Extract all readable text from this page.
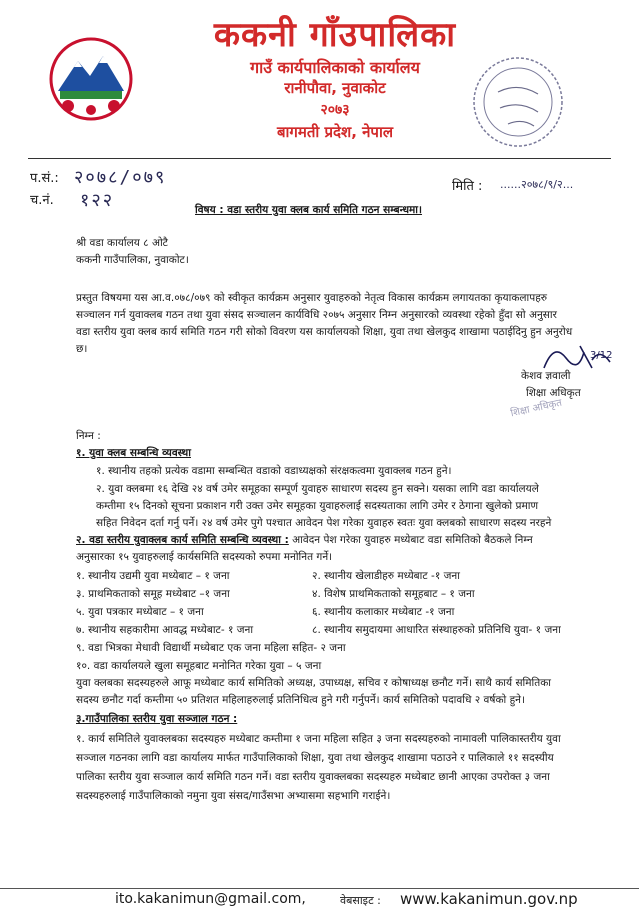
ककनी गाँउपालिका
गाउँ कार्यपालिकाको कार्यालय
रानीपौवा, नुवाकोट
२०७३
बागमती प्रदेश, नेपाल
प.सं.: २०७८/०७९
च.नं. १२२
मिति : ......२०७८/९/२...
विषय : वडा स्तरीय युवा क्लब कार्य समिति गठन सम्बन्धमा।
श्री वडा कार्यालय ८ ओटै
ककनी गाउँपालिका, नुवाकोट।
प्रस्तुत विषयमा यस आ.व.०७८/०७९ को स्वीकृत कार्यक्रम अनुसार युवाहरुको नेतृत्व विकास कार्यक्रम लगायतका कृयाकलापहरु
सञ्चालन गर्न युवाक्लब गठन तथा युवा संसद सञ्चालन कार्यविधि २०७५ अनुसार निम्न अनुसारको व्यवस्था रहेको हुँदा सो अनुसार
वडा स्तरीय युवा क्लब कार्य समिति गठन गरी सोको विवरण यस कार्यालयको शिक्षा, युवा तथा खेलकुद शाखामा पठाईदिनु हुन अनुरोध
छ।
3/12
केशव ज्ञवाली
शिक्षा अधिकृत
शिक्षा अधिकृत
निम्न :
१. युवा क्लब सम्बन्धि व्यवस्था
१. स्थानीय तहको प्रत्येक वडामा सम्बन्धित वडाको वडाध्यक्षको संरक्षकत्वमा युवाक्लब गठन हुने।
२. युवा क्लबमा १६ देखि २४ वर्ष उमेर समूहका सम्पूर्ण युवाहरु साधारण सदस्य हुन सक्ने। यसका लागि वडा कार्यालयले
कम्तीमा १५ दिनको सूचना प्रकाशन गरी उक्त उमेर समूहका युवाहरुलाई सदस्यताका लागि उमेर र ठेगाना खुलेको प्रमाण
सहित निवेदन दर्ता गर्नु पर्ने। २४ वर्ष उमेर पुगे पश्चात आवेदन पेश गरेका युवाहरु स्वतः युवा क्लबको साधारण सदस्य नरहने
२. वडा स्तरीय युवाक्लब कार्य समिति सम्बन्धि व्यवस्था : आवेदन पेश गरेका युवाहरु मध्येबाट वडा समितिको बैठकले निम्न
अनुसारका १५ युवाहरुलाई कार्यसमिति सदस्यको रुपमा मनोनित गर्ने।
१. स्थानीय उद्यमी युवा मध्येबाट – १ जना
३. प्राथमिकताको समूह मध्येबाट –१ जना
५. युवा पत्रकार मध्येबाट – १ जना
७. स्थानीय सहकारीमा आवद्ध मध्येबाट- १ जना
२. स्थानीय खेलाडीहरु मध्येबाट -१ जना
४. विशेष प्राथमिकताको समूहबाट – १ जना
६. स्थानीय कलाकार मध्येबाट -१ जना
८. स्थानीय समुदायमा आधारित संस्थाहरुको प्रतिनिधि युवा- १ जना
९. वडा भित्रका मेधावी विद्यार्थी मध्येबाट एक जना महिला सहित- २ जना
१०. वडा कार्यालयले खुला समूहबाट मनोनित गरेका युवा – ५ जना
युवा क्लबका सदस्यहरुले आफू मध्येबाट कार्य समितिको अध्यक्ष, उपाध्यक्ष, सचिव र कोषाध्यक्ष छनौट गर्ने। साथै कार्य समितिका
सदस्य छनौट गर्दा कम्तीमा ५० प्रतिशत महिलाहरुलाई प्रतिनिधित्व हुने गरी गर्नुपर्ने। कार्य समितिको पदावधि २ वर्षको हुने।
३.गाउँपालिका स्तरीय युवा सञ्जाल गठन :
१. कार्य समितिले युवाक्लबका सदस्यहरु मध्येबाट कम्तीमा १ जना महिला सहित ३ जना सदस्यहरुको नामावली पालिकास्तरीय युवा
सञ्जाल गठनका लागि वडा कार्यालय मार्फत गाउँपालिकाको शिक्षा, युवा तथा खेलकुद शाखामा पठाउने र पालिकाले ११ सदस्यीय
पालिका स्तरीय युवा सञ्जाल कार्य समिति गठन गर्ने। वडा स्तरीय युवाक्लबका सदस्यहरु मध्येबाट छानी आएका उपरोक्त ३ जना
सदस्यहरुलाई गाउँपालिकाको नमुना युवा संसद/गाउँसभा अभ्यासमा सहभागि गराईने।
ito.kakanimun@gmail.com,	वेबसाइट : www.kakanimun.gov.np
